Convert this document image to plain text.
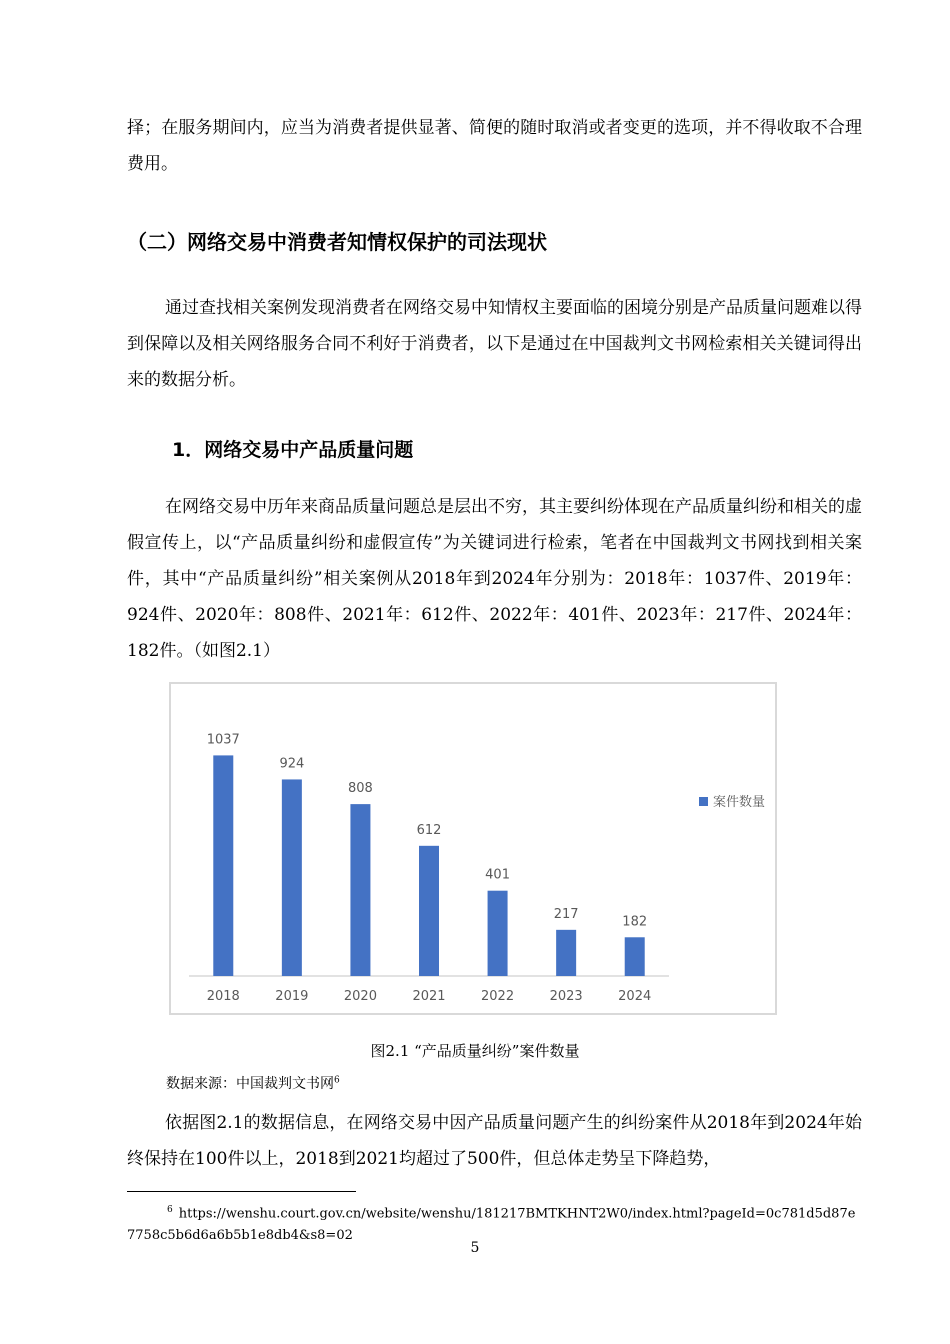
择；在服务期间内，应当为消费者提供显著、简便的随时取消或者变更的选项，并不得收取不合理费用。

（二）网络交易中消费者知情权保护的司法现状

通过查找相关案例发现消费者在网络交易中知情权主要面临的困境分别是产品质量问题难以得到保障以及相关网络服务合同不利好于消费者，以下是通过在中国裁判文书网检索相关关键词得出来的数据分析。

1．网络交易中产品质量问题

在网络交易中历年来商品质量问题总是层出不穷，其主要纠纷体现在产品质量纠纷和相关的虚假宣传上，以“产品质量纠纷和虚假宣传”为关键词进行检索，笔者在中国裁判文书网找到相关案件，其中“产品质量纠纷”相关案例从2018年到2024年分别为：2018年：1037件、2019年：924件、2020年：808件、2021年：612件、2022年：401件、2023年：217件、2024年：182件。（如图2.1）

1037
2018
924
2019
808
2020
612
2021
401
2022
217
2023
182
2024
案件数量

图2.1 “产品质量纠纷”案件数量

数据来源：中国裁判文书网$^6$

依据图2.1的数据信息，在网络交易中因产品质量问题产生的纠纷案件从2018年到2024年始终保持在100件以上，2018到2021均超过了500件，但总体走势呈下降趋势，

$^6$ https://wenshu.court.gov.cn/website/wenshu/181217BMTKHNT2W0/index.html?pageId=0c781d5d87e7758c5b6d6a6b5b1e8db4&s8=02

5
